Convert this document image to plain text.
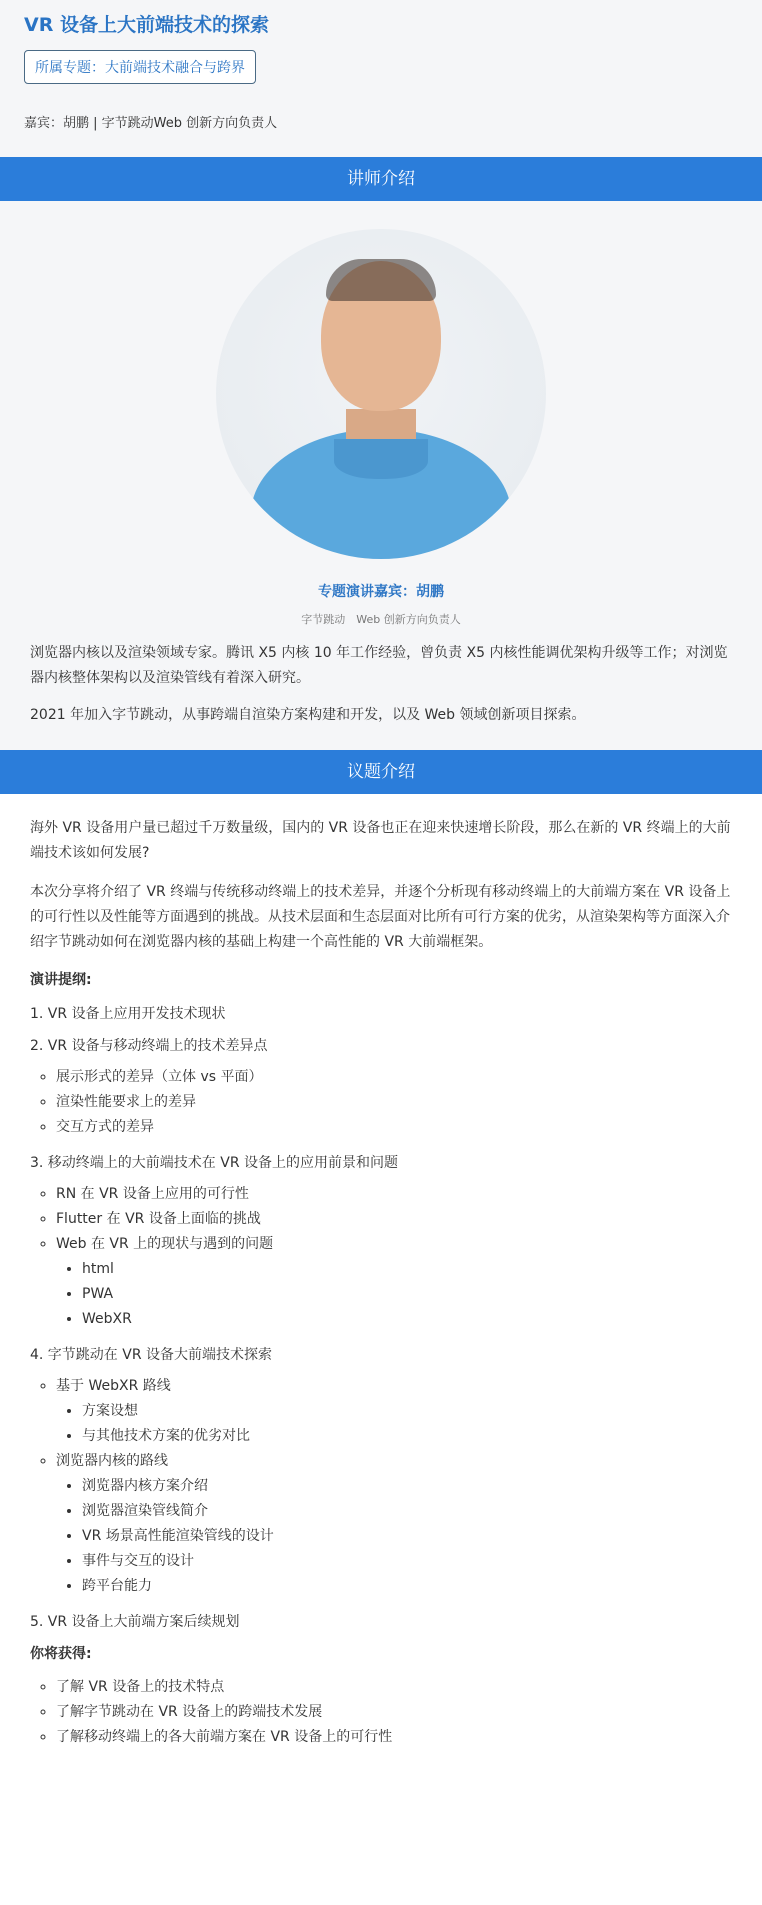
VR 设备上大前端技术的探索
所属专题：大前端技术融合与跨界
嘉宾：胡鹏 | 字节跳动Web 创新方向负责人
讲师介绍
专题演讲嘉宾：胡鹏
字节跳动　Web 创新方向负责人

浏览器内核以及渲染领域专家。腾讯 X5 内核 10 年工作经验，曾负责 X5 内核性能调优架构升级等工作；对浏览器内核整体架构以及渲染管线有着深入研究。

2021 年加入字节跳动，从事跨端自渲染方案构建和开发，以及 Web 领域创新项目探索。

议题介绍

海外 VR 设备用户量已超过千万数量级，国内的 VR 设备也正在迎来快速增长阶段，那么在新的 VR 终端上的大前端技术该如何发展?

本次分享将介绍了 VR 终端与传统移动终端上的技术差异，并逐个分析现有移动终端上的大前端方案在 VR 设备上的可行性以及性能等方面遇到的挑战。从技术层面和生态层面对比所有可行方案的优劣，从渲染架构等方面深入介绍字节跳动如何在浏览器内核的基础上构建一个高性能的 VR 大前端框架。

演讲提纲:
1. VR 设备上应用开发技术现状
2. VR 设备与移动终端上的技术差异点
◦ 展示形式的差异（立体 vs 平面）
◦ 渲染性能要求上的差异
◦ 交互方式的差异
3. 移动终端上的大前端技术在 VR 设备上的应用前景和问题
◦ RN 在 VR 设备上应用的可行性
◦ Flutter 在 VR 设备上面临的挑战
◦ Web 在 VR 上的现状与遇到的问题
• html
• PWA
• WebXR
4. 字节跳动在 VR 设备大前端技术探索
◦ 基于 WebXR 路线
• 方案设想
• 与其他技术方案的优劣对比
◦ 浏览器内核的路线
• 浏览器内核方案介绍
• 浏览器渲染管线简介
• VR 场景高性能渲染管线的设计
• 事件与交互的设计
• 跨平台能力
5. VR 设备上大前端方案后续规划
你将获得:
◦ 了解 VR 设备上的技术特点
◦ 了解字节跳动在 VR 设备上的跨端技术发展
◦ 了解移动终端上的各大前端方案在 VR 设备上的可行性
